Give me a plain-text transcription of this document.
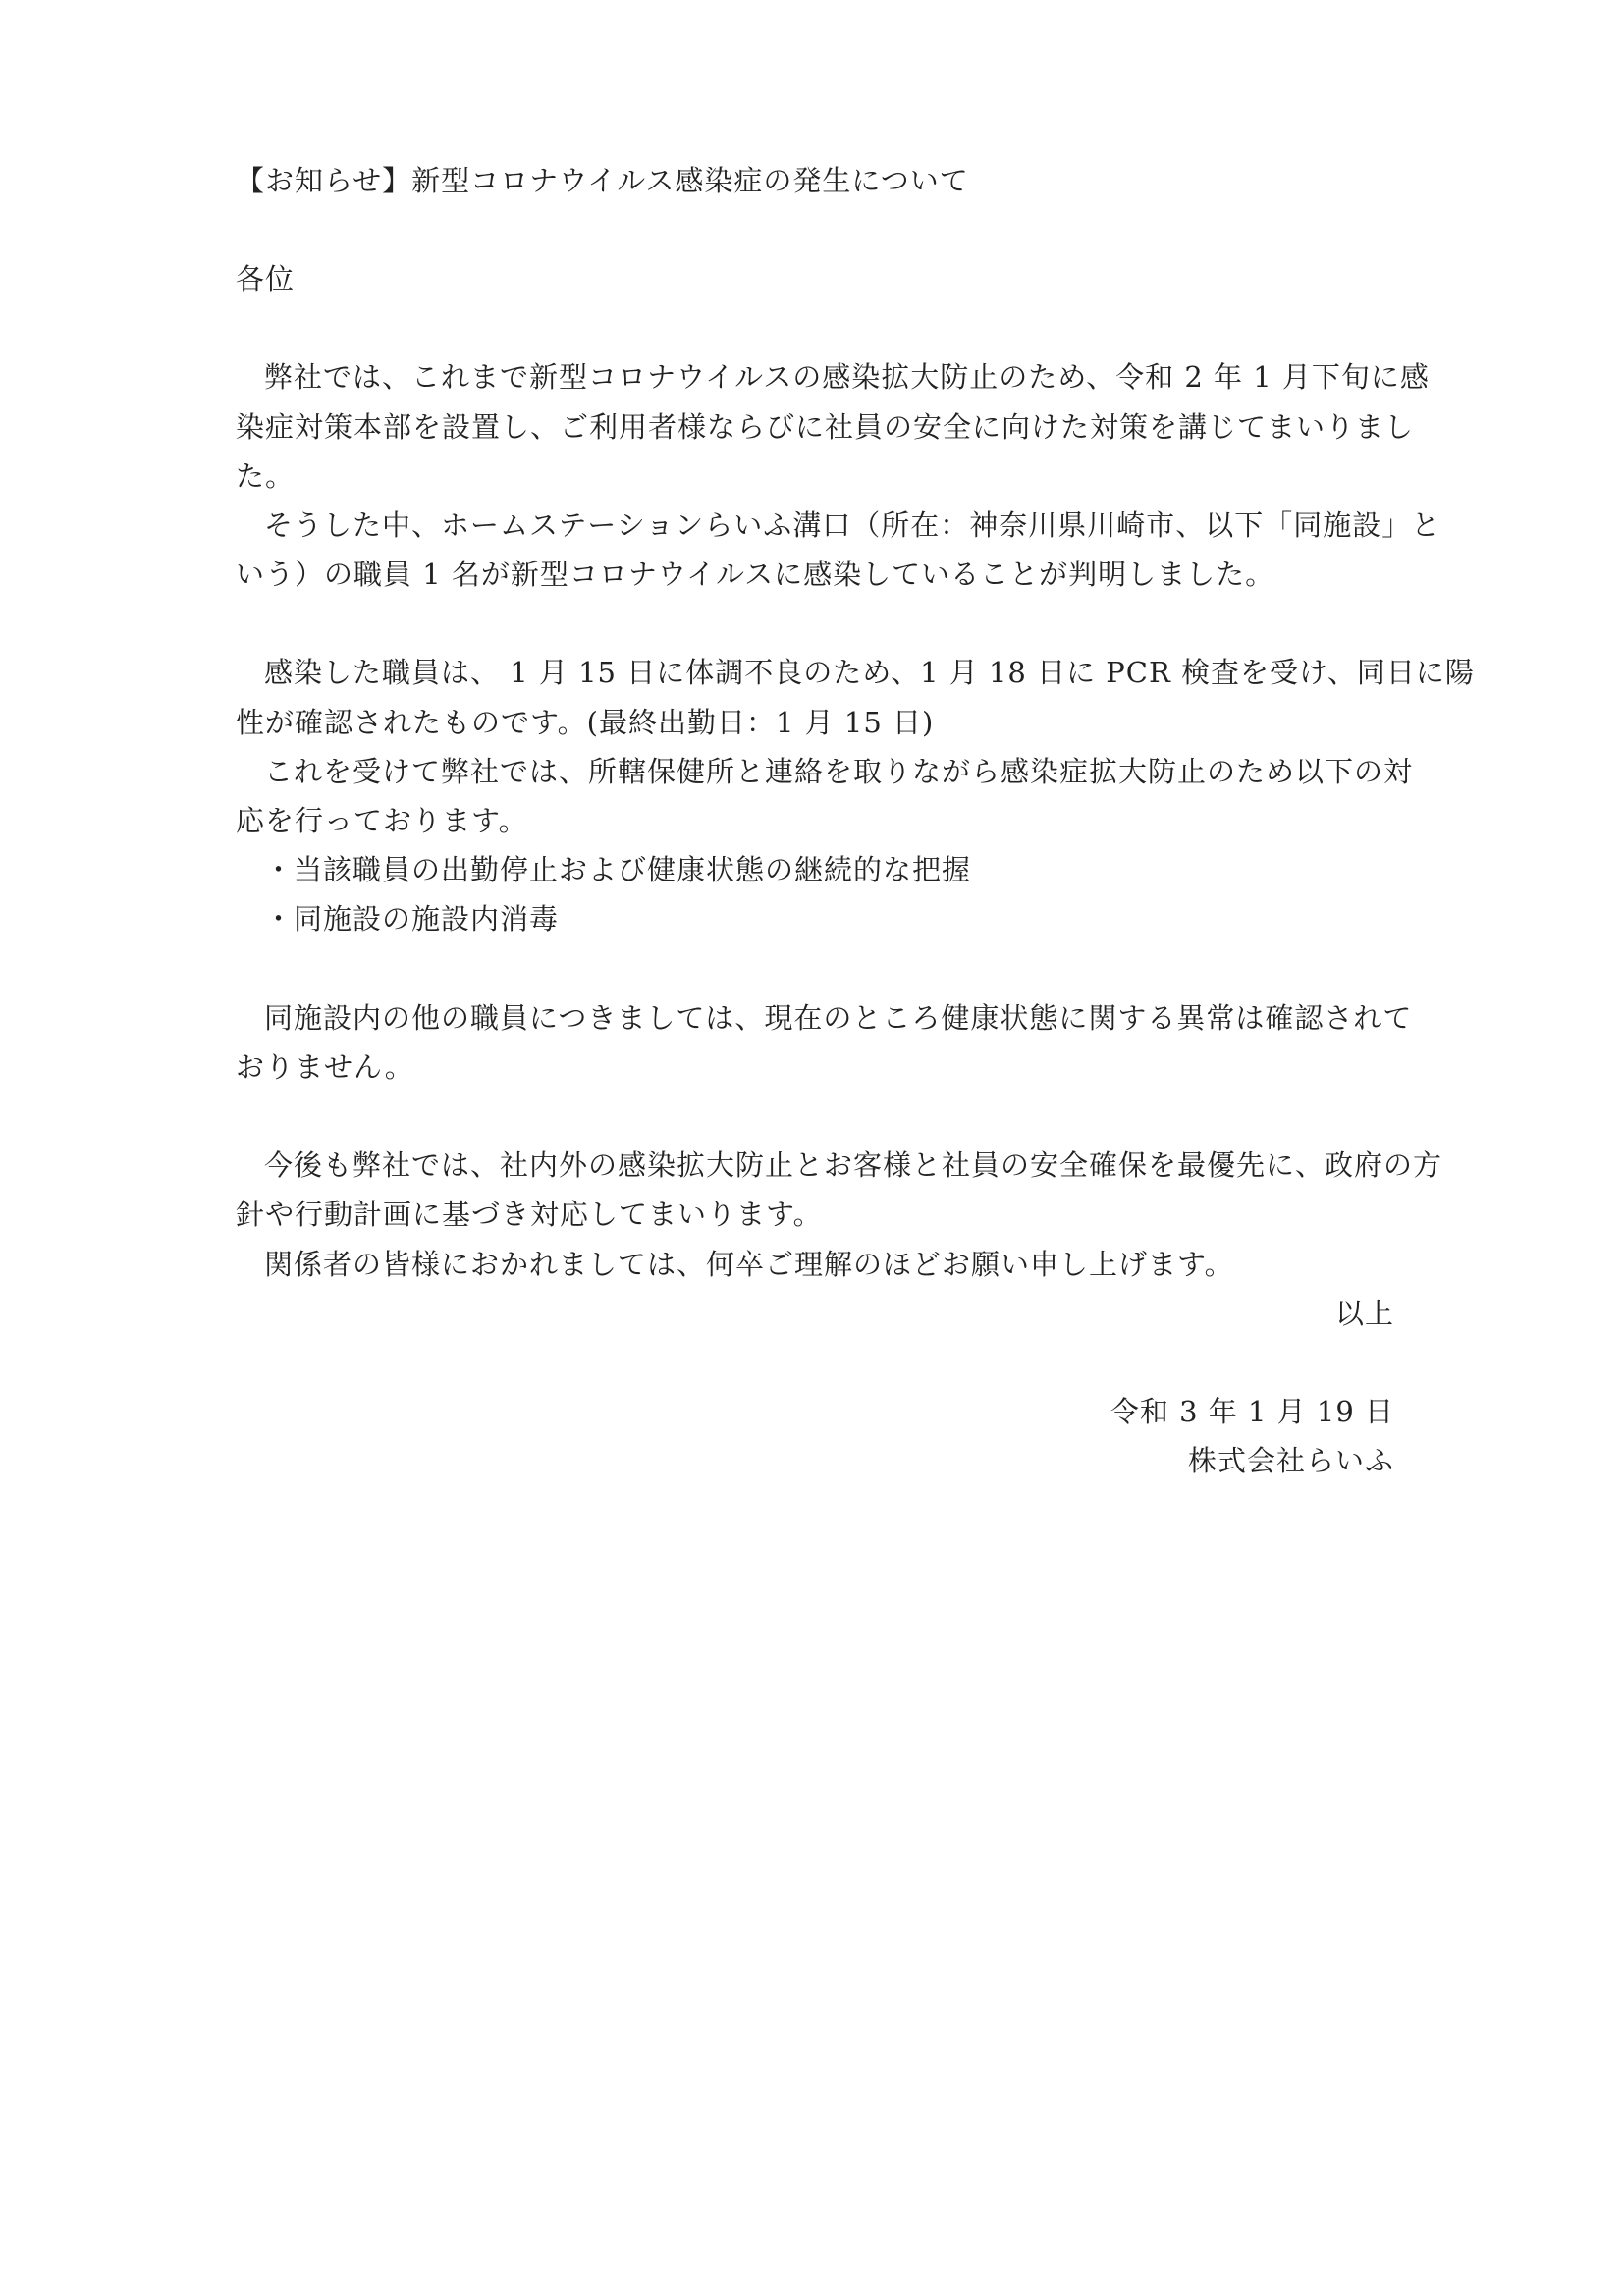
【お知らせ】新型コロナウイルス感染症の発生について
各位
弊社では、これまで新型コロナウイルスの感染拡大防止のため、令和 2 年 1 月下旬に感
染症対策本部を設置し、ご利用者様ならびに社員の安全に向けた対策を講じてまいりまし
た。
そうした中、ホームステーションらいふ溝口（所在：神奈川県川崎市、以下「同施設」と
いう）の職員 1 名が新型コロナウイルスに感染していることが判明しました。
感染した職員は、 1 月 15 日に体調不良のため、1 月 18 日に PCR 検査を受け、同日に陽
性が確認されたものです。(最終出勤日：1 月 15 日)
これを受けて弊社では、所轄保健所と連絡を取りながら感染症拡大防止のため以下の対
応を行っております。
・当該職員の出勤停止および健康状態の継続的な把握
・同施設の施設内消毒
同施設内の他の職員につきましては、現在のところ健康状態に関する異常は確認されて
おりません。
今後も弊社では、社内外の感染拡大防止とお客様と社員の安全確保を最優先に、政府の方
針や行動計画に基づき対応してまいります。
関係者の皆様におかれましては、何卒ご理解のほどお願い申し上げます。
以上
令和 3 年 1 月 19 日
株式会社らいふ
